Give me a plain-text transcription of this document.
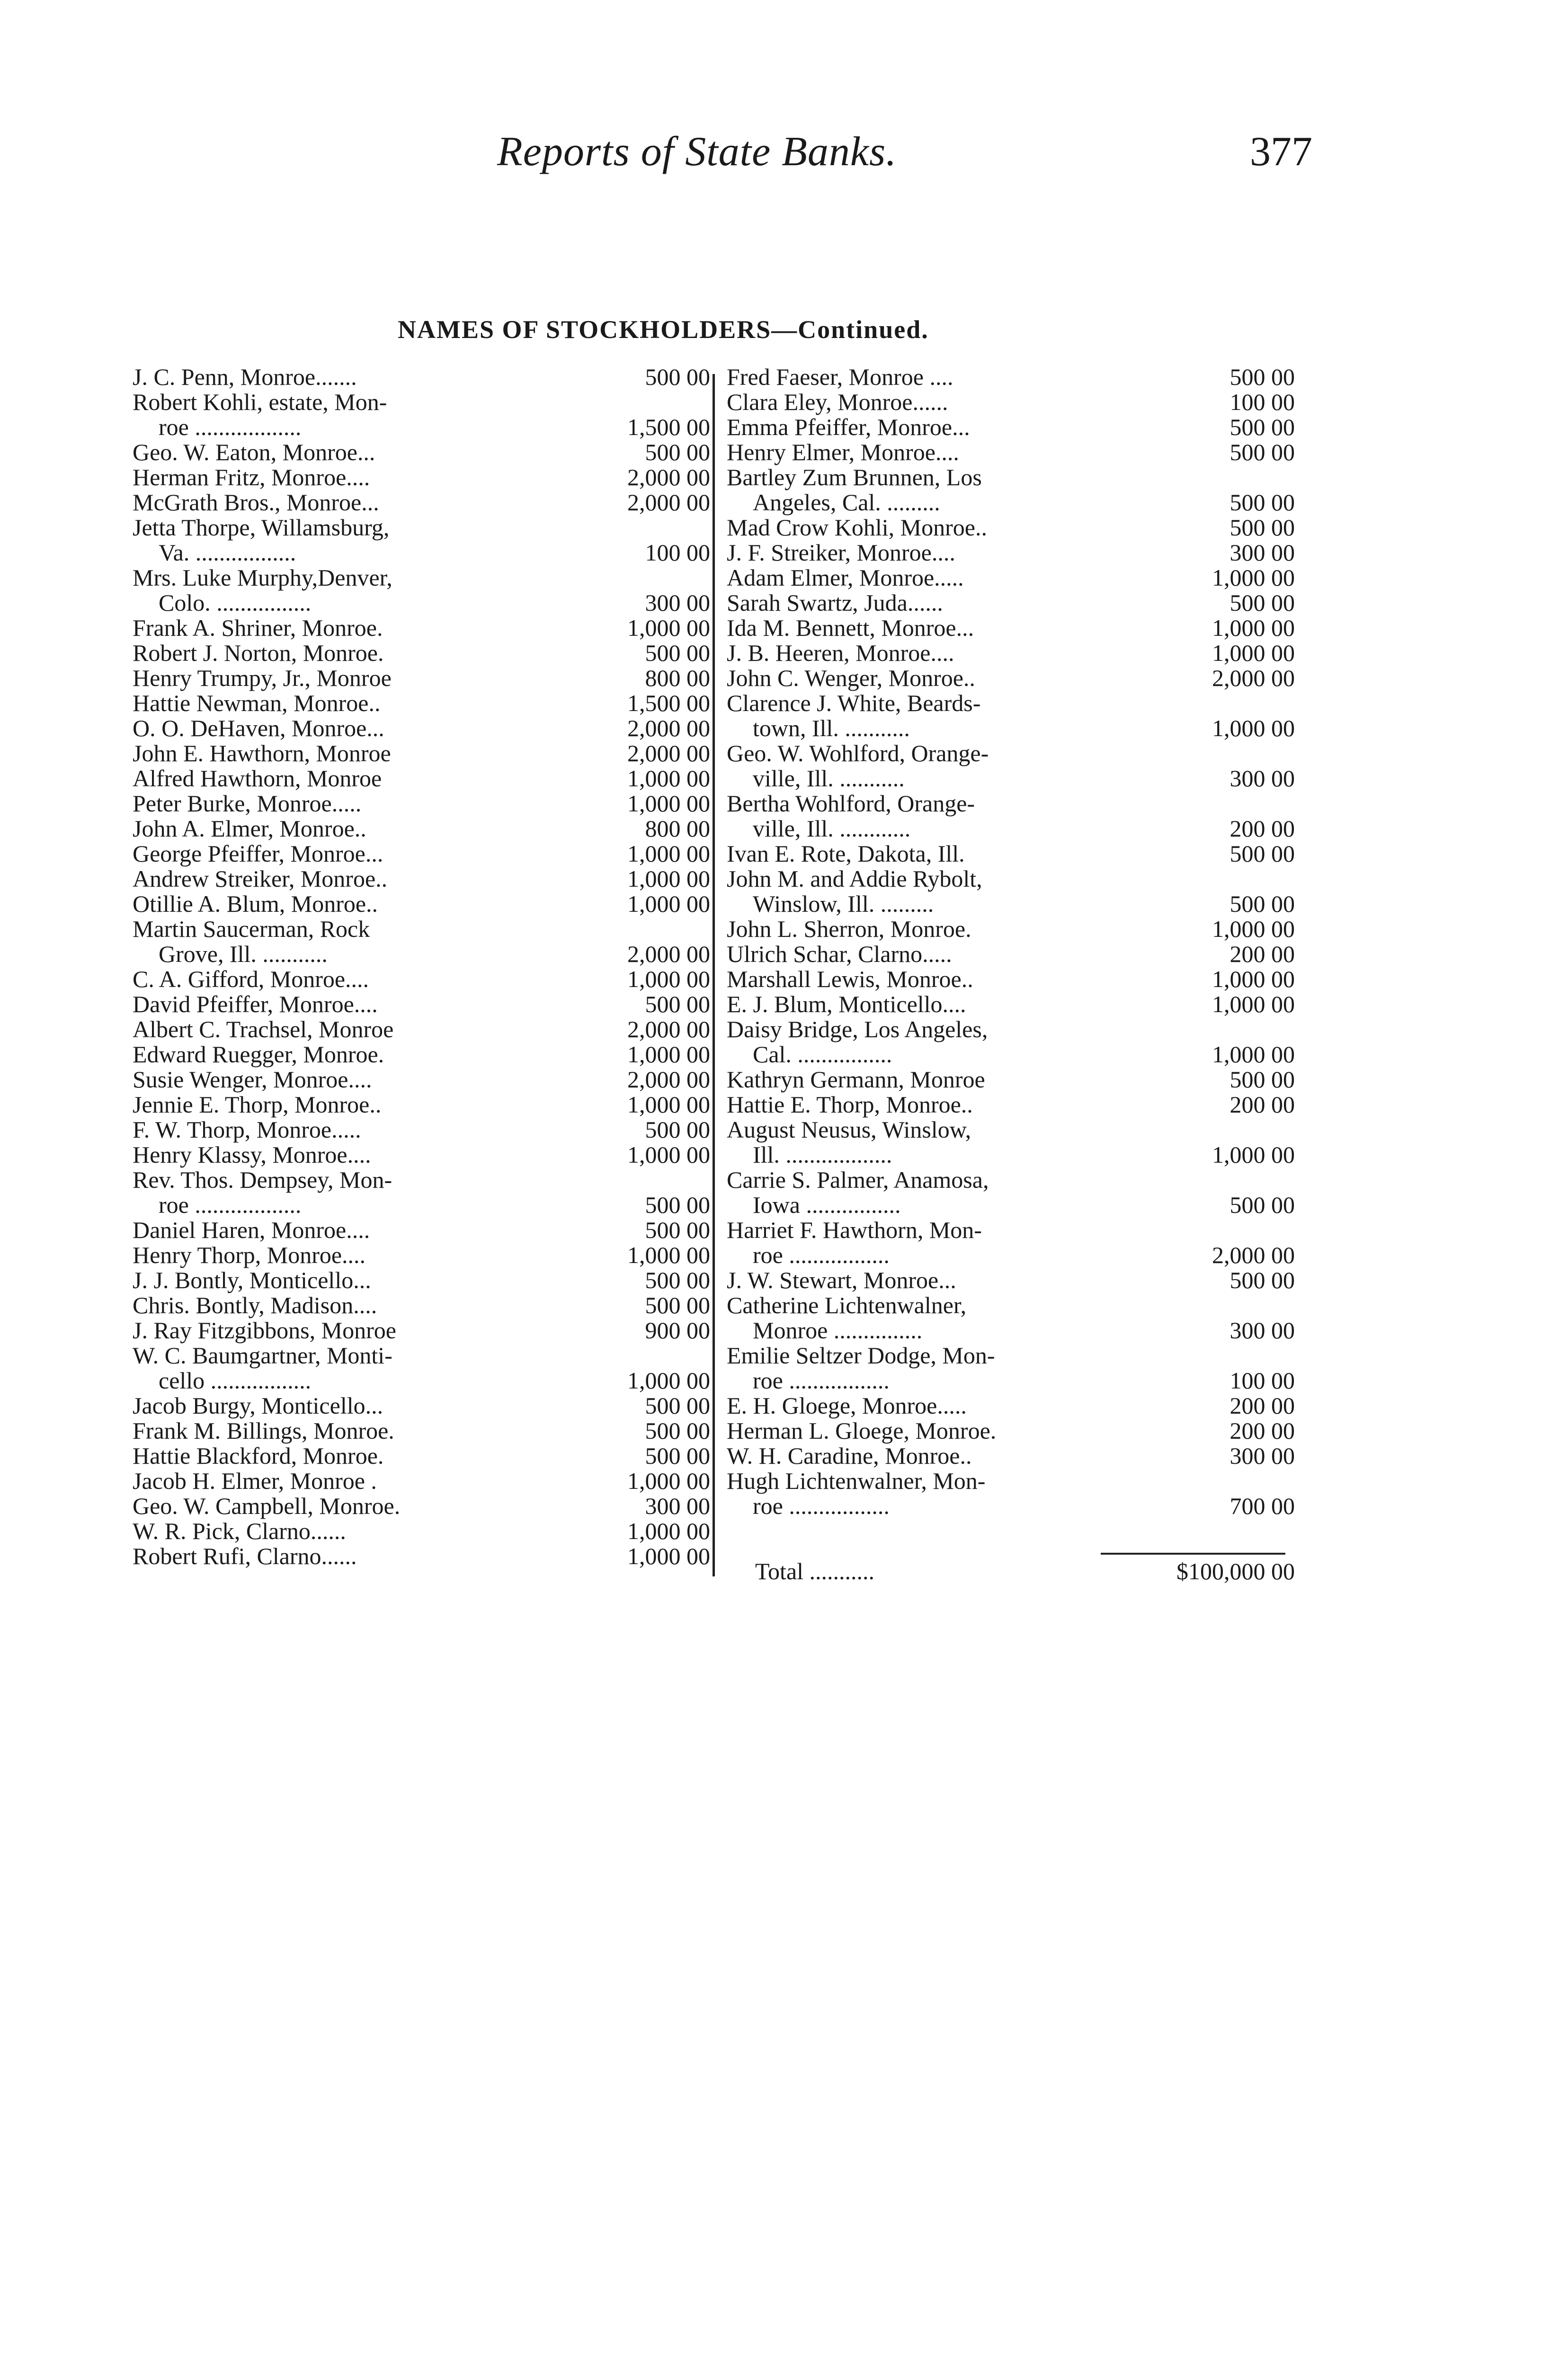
Reports of State Banks.	377
NAMES OF STOCKHOLDERS—Continued.
J. C. Penn, Monroe.......	500 00
Robert Kohli, estate, Mon-
roe ..................	1,500 00
Geo. W. Eaton, Monroe...	500 00
Herman Fritz, Monroe....	2,000 00
McGrath Bros., Monroe...	2,000 00
Jetta Thorpe, Willamsburg,
Va. .................	100 00
Mrs. Luke Murphy,Denver,
Colo. ................	300 00
Frank A. Shriner, Monroe.	1,000 00
Robert J. Norton, Monroe.	500 00
Henry Trumpy, Jr., Monroe	800 00
Hattie Newman, Monroe..	1,500 00
O. O. DeHaven, Monroe...	2,000 00
John E. Hawthorn, Monroe	2,000 00
Alfred Hawthorn, Monroe	1,000 00
Peter Burke, Monroe.....	1,000 00
John A. Elmer, Monroe..	800 00
George Pfeiffer, Monroe...	1,000 00
Andrew Streiker, Monroe..	1,000 00
Otillie A. Blum, Monroe..	1,000 00
Martin Saucerman, Rock
Grove, Ill. ...........	2,000 00
C. A. Gifford, Monroe....	1,000 00
David Pfeiffer, Monroe....	500 00
Albert C. Trachsel, Monroe	2,000 00
Edward Ruegger, Monroe.	1,000 00
Susie Wenger, Monroe....	2,000 00
Jennie E. Thorp, Monroe..	1,000 00
F. W. Thorp, Monroe.....	500 00
Henry Klassy, Monroe....	1,000 00
Rev. Thos. Dempsey, Mon-
roe ..................	500 00
Daniel Haren, Monroe....	500 00
Henry Thorp, Monroe....	1,000 00
J. J. Bontly, Monticello...	500 00
Chris. Bontly, Madison....	500 00
J. Ray Fitzgibbons, Monroe	900 00
W. C. Baumgartner, Monti-
cello .................	1,000 00
Jacob Burgy, Monticello...	500 00
Frank M. Billings, Monroe.	500 00
Hattie Blackford, Monroe.	500 00
Jacob H. Elmer, Monroe .	1,000 00
Geo. W. Campbell, Monroe.	300 00
W. R. Pick, Clarno......	1,000 00
Robert Rufi, Clarno......	1,000 00
Fred Faeser, Monroe ....	500 00
Clara Eley, Monroe......	100 00
Emma Pfeiffer, Monroe...	500 00
Henry Elmer, Monroe....	500 00
Bartley Zum Brunnen, Los
Angeles, Cal. .........	500 00
Mad Crow Kohli, Monroe..	500 00
J. F. Streiker, Monroe....	300 00
Adam Elmer, Monroe.....	1,000 00
Sarah Swartz, Juda......	500 00
Ida M. Bennett, Monroe...	1,000 00
J. B. Heeren, Monroe....	1,000 00
John C. Wenger, Monroe..	2,000 00
Clarence J. White, Beards-
town, Ill. ...........	1,000 00
Geo. W. Wohlford, Orange-
ville, Ill. ...........	300 00
Bertha Wohlford, Orange-
ville, Ill. ............	200 00
Ivan E. Rote, Dakota, Ill.	500 00
John M. and Addie Rybolt,
Winslow, Ill. .........	500 00
John L. Sherron, Monroe.	1,000 00
Ulrich Schar, Clarno.....	200 00
Marshall Lewis, Monroe..	1,000 00
E. J. Blum, Monticello....	1,000 00
Daisy Bridge, Los Angeles,
Cal. ................	1,000 00
Kathryn Germann, Monroe	500 00
Hattie E. Thorp, Monroe..	200 00
August Neusus, Winslow,
Ill. ..................	1,000 00
Carrie S. Palmer, Anamosa,
Iowa ................	500 00
Harriet F. Hawthorn, Mon-
roe .................	2,000 00
J. W. Stewart, Monroe...	500 00
Catherine Lichtenwalner,
Monroe ...............	300 00
Emilie Seltzer Dodge, Mon-
roe .................	100 00
E. H. Gloege, Monroe.....	200 00
Herman L. Gloege, Monroe.	200 00
W. H. Caradine, Monroe..	300 00
Hugh Lichtenwalner, Mon-
roe .................	700 00
Total ...........	$100,000 00
